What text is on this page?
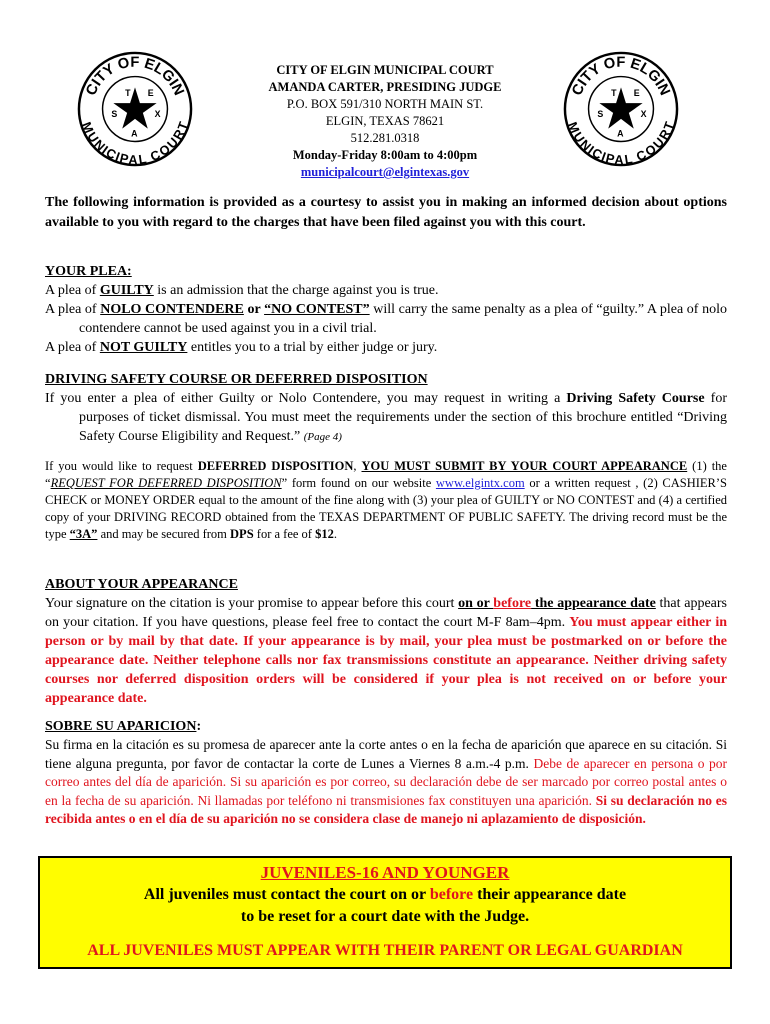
CITY OF ELGIN
MUNICIPAL COURT
T E
S	X
A
CITY OF ELGIN
MUNICIPAL COURT
T E
S	X
A
CITY OF ELGIN MUNICIPAL COURT
AMANDA CARTER, PRESIDING JUDGE
P.O. BOX 591/310 NORTH MAIN ST.
ELGIN, TEXAS 78621
512.281.0318
Monday-Friday 8:00am to 4:00pm
municipalcourt@elgintexas.gov
The following information is provided as a courtesy to assist you in making an informed decision about options available to you with regard to the charges that have been filed against you with this court.
YOUR PLEA:
A plea of GUILTY is an admission that the charge against you is true.
A plea of NOLO CONTENDERE or “NO CONTEST” will carry the same penalty as a plea of “guilty.” A plea of nolo contendere cannot be used against you in a civil trial.
A plea of NOT GUILTY entitles you to a trial by either judge or jury.
DRIVING SAFETY COURSE OR DEFERRED DISPOSITION
If you enter a plea of either Guilty or Nolo Contendere, you may request in writing a Driving Safety Course for purposes of ticket dismissal. You must meet the requirements under the section of this brochure entitled “Driving Safety Course Eligibility and Request.” (Page 4)
If you would like to request DEFERRED DISPOSITION, YOU MUST SUBMIT BY YOUR COURT APPEARANCE (1) the “REQUEST FOR DEFERRED DISPOSITION” form found on our website www.elgintx.com or a written request , (2) CASHIER’S CHECK or MONEY ORDER equal to the amount of the fine along with (3) your plea of GUILTY or NO CONTEST and (4) a certified copy of your DRIVING RECORD obtained from the TEXAS DEPARTMENT OF PUBLIC SAFETY. The driving record must be the type “3A” and may be secured from DPS for a fee of $12.
ABOUT YOUR APPEARANCE
Your signature on the citation is your promise to appear before this court on or before the appearance date that appears on your citation. If you have questions, please feel free to contact the court M-F 8am–4pm. You must appear either in person or by mail by that date. If your appearance is by mail, your plea must be postmarked on or before the appearance date. Neither telephone calls nor fax transmissions constitute an appearance. Neither driving safety courses nor deferred disposition orders will be considered if your plea is not received on or before your appearance date.
SOBRE SU APARICION:
Su firma en la citación es su promesa de aparecer ante la corte antes o en la fecha de aparición que aparece en su citación. Si tiene alguna pregunta, por favor de contactar la corte de Lunes a Viernes 8 a.m.-4 p.m. Debe de aparecer en persona o por correo antes del día de aparición. Si su aparición es por correo, su declaración debe de ser marcado por correo postal antes o en la fecha de su aparición. Ni llamadas por teléfono ni transmisiones fax constituyen una aparición. Si su declaración no es recibida antes o en el día de su aparición no se considera clase de manejo ni aplazamiento de disposición.
JUVENILES-16 AND YOUNGER
All juveniles must contact the court on or before their appearance date
to be reset for a court date with the Judge.
ALL JUVENILES MUST APPEAR WITH THEIR PARENT OR LEGAL GUARDIAN
